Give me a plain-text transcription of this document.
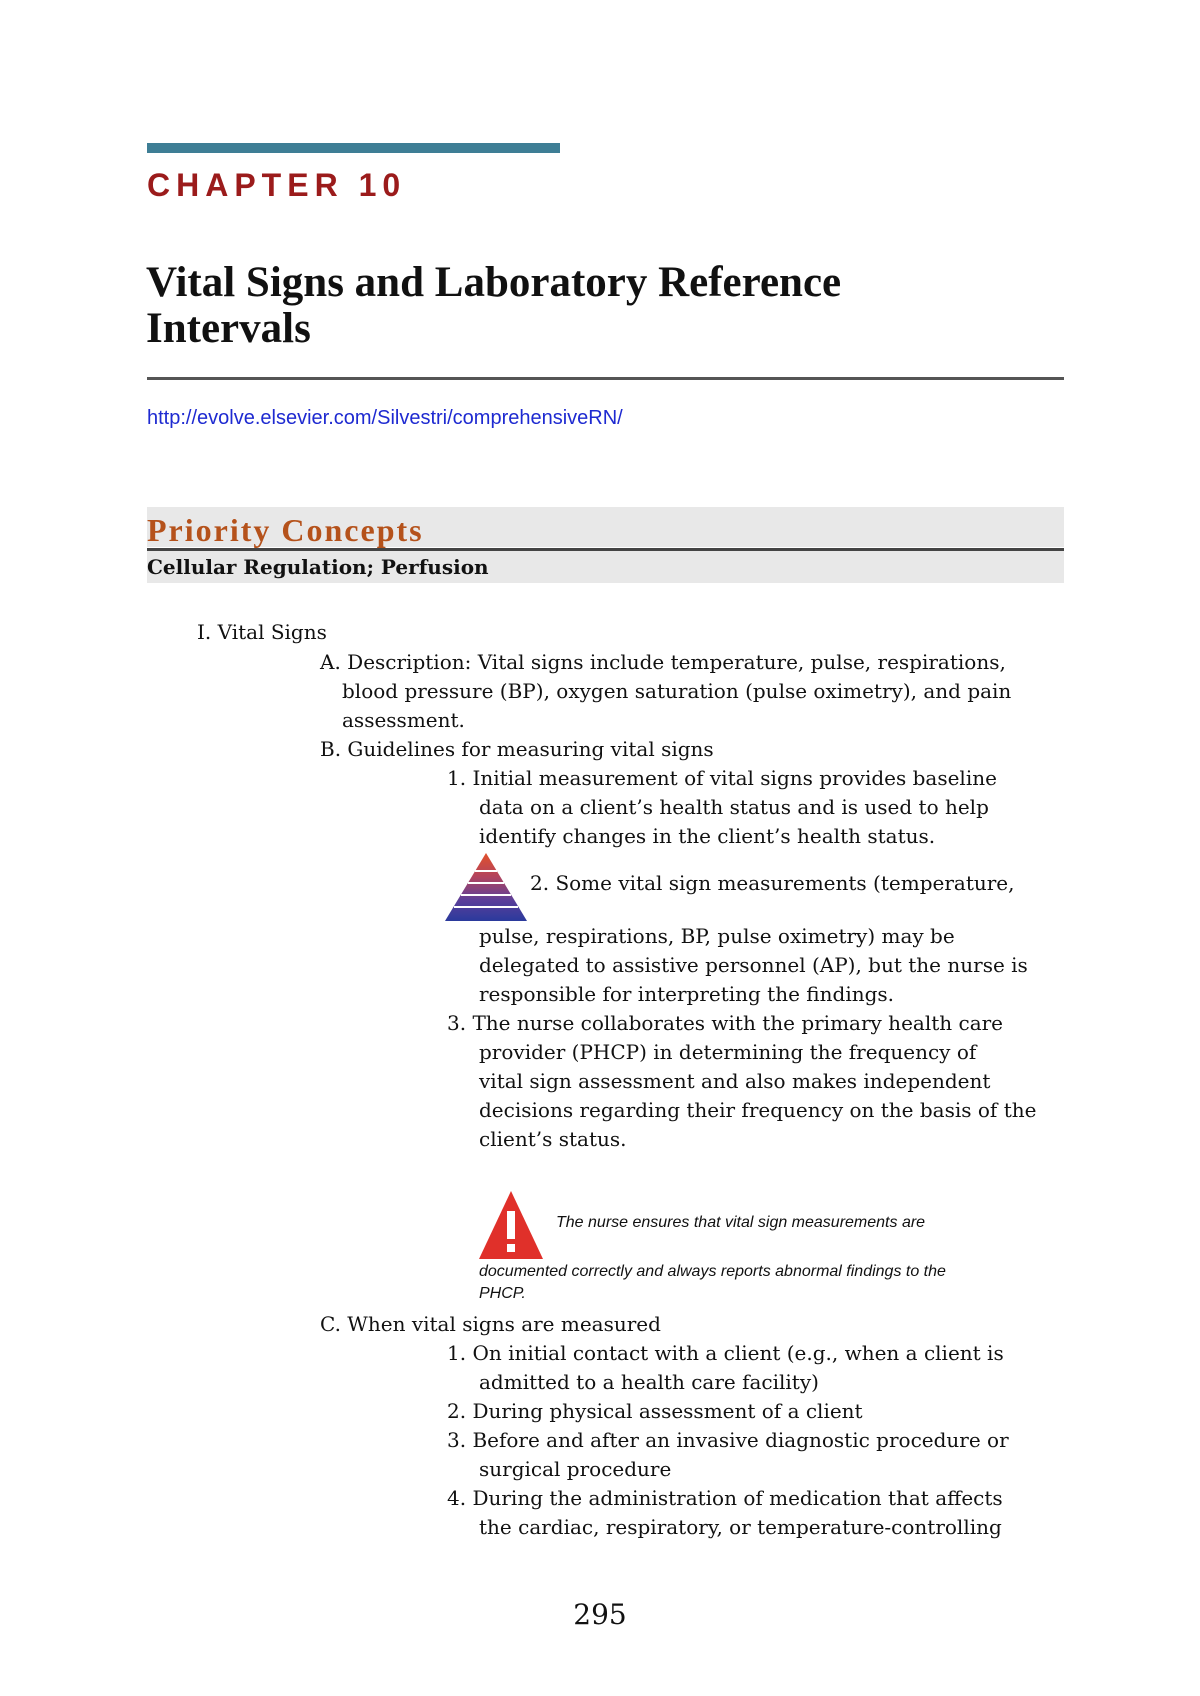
CHAPTER 10
Vital Signs and Laboratory Reference
Intervals
http://evolve.elsevier.com/Silvestri/comprehensiveRN/
Priority Concepts
Cellular Regulation; Perfusion
I. Vital Signs
A. Description: Vital signs include temperature, pulse, respirations,
blood pressure (BP), oxygen saturation (pulse oximetry), and pain
assessment.
B. Guidelines for measuring vital signs
1. Initial measurement of vital signs provides baseline
data on a client’s health status and is used to help
identify changes in the client’s health status.
2. Some vital sign measurements (temperature,
pulse, respirations, BP, pulse oximetry) may be
delegated to assistive personnel (AP), but the nurse is
responsible for interpreting the findings.
3. The nurse collaborates with the primary health care
provider (PHCP) in determining the frequency of
vital sign assessment and also makes independent
decisions regarding their frequency on the basis of the
client’s status.
The nurse ensures that vital sign measurements are
documented correctly and always reports abnormal findings to the
PHCP.
C. When vital signs are measured
1. On initial contact with a client (e.g., when a client is
admitted to a health care facility)
2. During physical assessment of a client
3. Before and after an invasive diagnostic procedure or
surgical procedure
4. During the administration of medication that affects
the cardiac, respiratory, or temperature-controlling
295
